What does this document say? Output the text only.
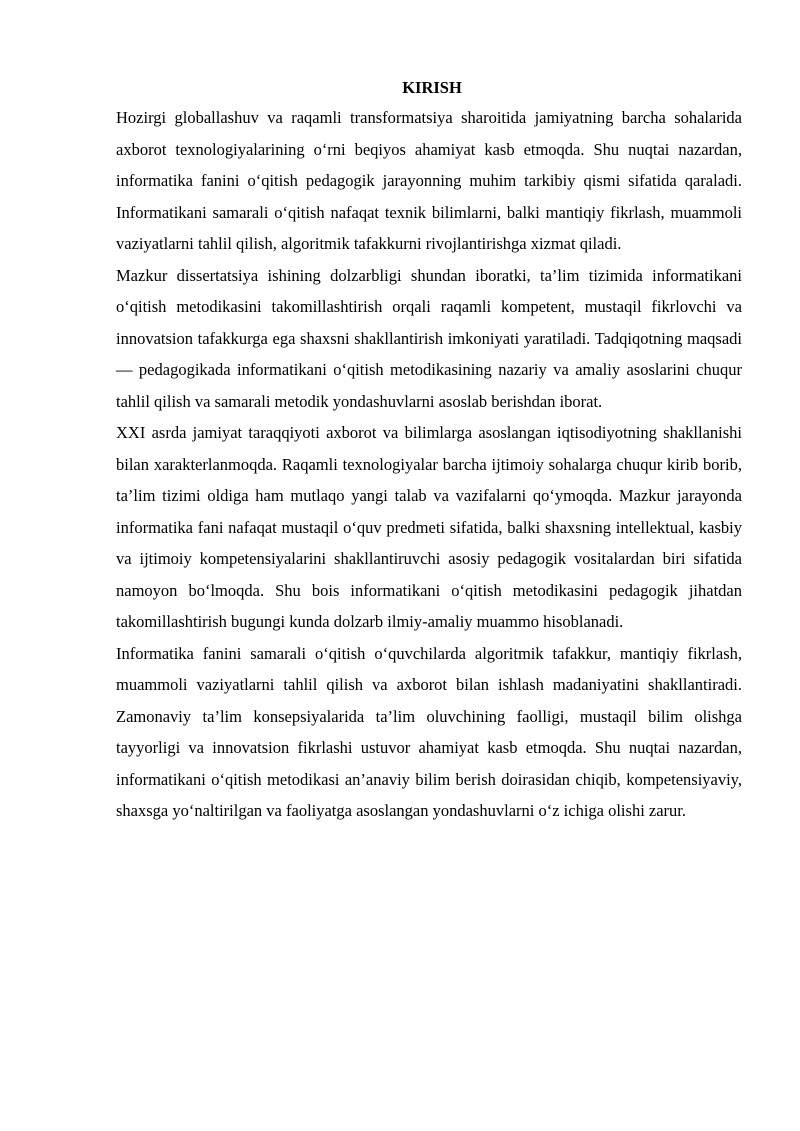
KIRISH

Hozirgi globallashuv va raqamli transformatsiya sharoitida jamiyatning barcha sohalarida axborot texnologiyalarining o‘rni beqiyos ahamiyat kasb etmoqda. Shu nuqtai nazardan, informatika fanini o‘qitish pedagogik jarayonning muhim tarkibiy qismi sifatida qaraladi. Informatikani samarali o‘qitish nafaqat texnik bilimlarni, balki mantiqiy fikrlash, muammoli vaziyatlarni tahlil qilish, algoritmik tafakkurni rivojlantirishga xizmat qiladi.

Mazkur dissertatsiya ishining dolzarbligi shundan iboratki, ta’lim tizimida informatikani o‘qitish metodikasini takomillashtirish orqali raqamli kompetent, mustaqil fikrlovchi va innovatsion tafakkurga ega shaxsni shakllantirish imkoniyati yaratiladi. Tadqiqotning maqsadi — pedagogikada informatikani o‘qitish metodikasining nazariy va amaliy asoslarini chuqur tahlil qilish va samarali metodik yondashuvlarni asoslab berishdan iborat.

XXI asrda jamiyat taraqqiyoti axborot va bilimlarga asoslangan iqtisodiyotning shakllanishi bilan xarakterlanmoqda. Raqamli texnologiyalar barcha ijtimoiy sohalarga chuqur kirib borib, ta’lim tizimi oldiga ham mutlaqo yangi talab va vazifalarni qo‘ymoqda. Mazkur jarayonda informatika fani nafaqat mustaqil o‘quv predmeti sifatida, balki shaxsning intellektual, kasbiy va ijtimoiy kompetensiyalarini shakllantiruvchi asosiy pedagogik vositalardan biri sifatida namoyon bo‘lmoqda. Shu bois informatikani o‘qitish metodikasini pedagogik jihatdan takomillashtirish bugungi kunda dolzarb ilmiy-amaliy muammo hisoblanadi.

Informatika fanini samarali o‘qitish o‘quvchilarda algoritmik tafakkur, mantiqiy fikrlash, muammoli vaziyatlarni tahlil qilish va axborot bilan ishlash madaniyatini shakllantiradi. Zamonaviy ta’lim konsepsiyalarida ta’lim oluvchining faolligi, mustaqil bilim olishga tayyorligi va innovatsion fikrlashi ustuvor ahamiyat kasb etmoqda. Shu nuqtai nazardan, informatikani o‘qitish metodikasi an’anaviy bilim berish doirasidan chiqib, kompetensiyaviy, shaxsga yo‘naltirilgan va faoliyatga asoslangan yondashuvlarni o‘z ichiga olishi zarur.
